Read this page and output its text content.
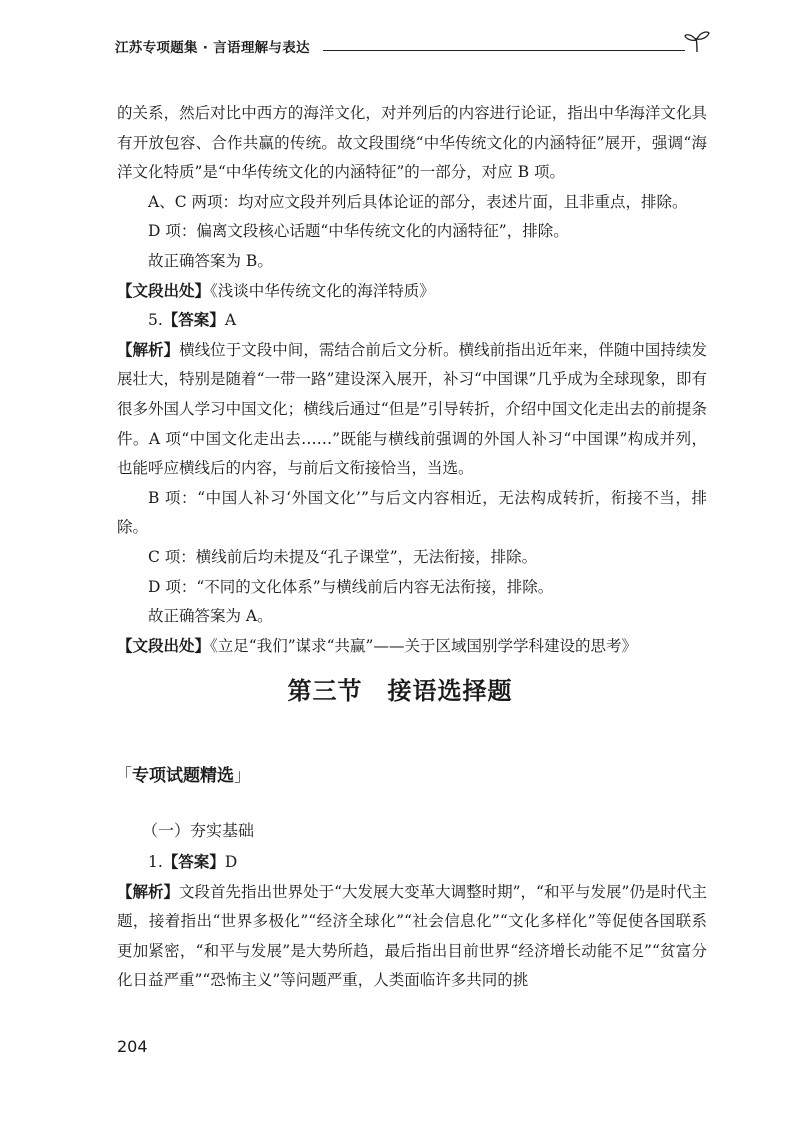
江苏专项题集 · 言语理解与表达

的关系，然后对比中西方的海洋文化，对并列后的内容进行论证，指出中华海洋文化具有开放包容、合作共赢的传统。故文段围绕“中华传统文化的内涵特征”展开，强调“海洋文化特质”是“中华传统文化的内涵特征”的一部分，对应 B 项。

A、C 两项：均对应文段并列后具体论证的部分，表述片面，且非重点，排除。

D 项：偏离文段核心话题“中华传统文化的内涵特征”，排除。

故正确答案为 B。

【文段出处】《浅谈中华传统文化的海洋特质》

5.【答案】A

【解析】横线位于文段中间，需结合前后文分析。横线前指出近年来，伴随中国持续发展壮大，特别是随着“一带一路”建设深入展开，补习“中国课”几乎成为全球现象，即有很多外国人学习中国文化；横线后通过“但是”引导转折，介绍中国文化走出去的前提条件。A 项“中国文化走出去……”既能与横线前强调的外国人补习“中国课”构成并列，也能呼应横线后的内容，与前后文衔接恰当，当选。

B 项：“中国人补习‘外国文化’”与后文内容相近，无法构成转折，衔接不当，排除。

C 项：横线前后均未提及“孔子课堂”，无法衔接，排除。

D 项：“不同的文化体系”与横线前后内容无法衔接，排除。

故正确答案为 A。

【文段出处】《立足“我们”谋求“共赢”——关于区域国别学学科建设的思考》

第三节　接语选择题
「专项试题精选」
（一）夯实基础

1.【答案】D

【解析】文段首先指出世界处于“大发展大变革大调整时期”，“和平与发展”仍是时代主题，接着指出“世界多极化”“经济全球化”“社会信息化”“文化多样化”等促使各国联系更加紧密，“和平与发展”是大势所趋，最后指出目前世界“经济增长动能不足”“贫富分化日益严重”“恐怖主义”等问题严重，人类面临许多共同的挑

204
